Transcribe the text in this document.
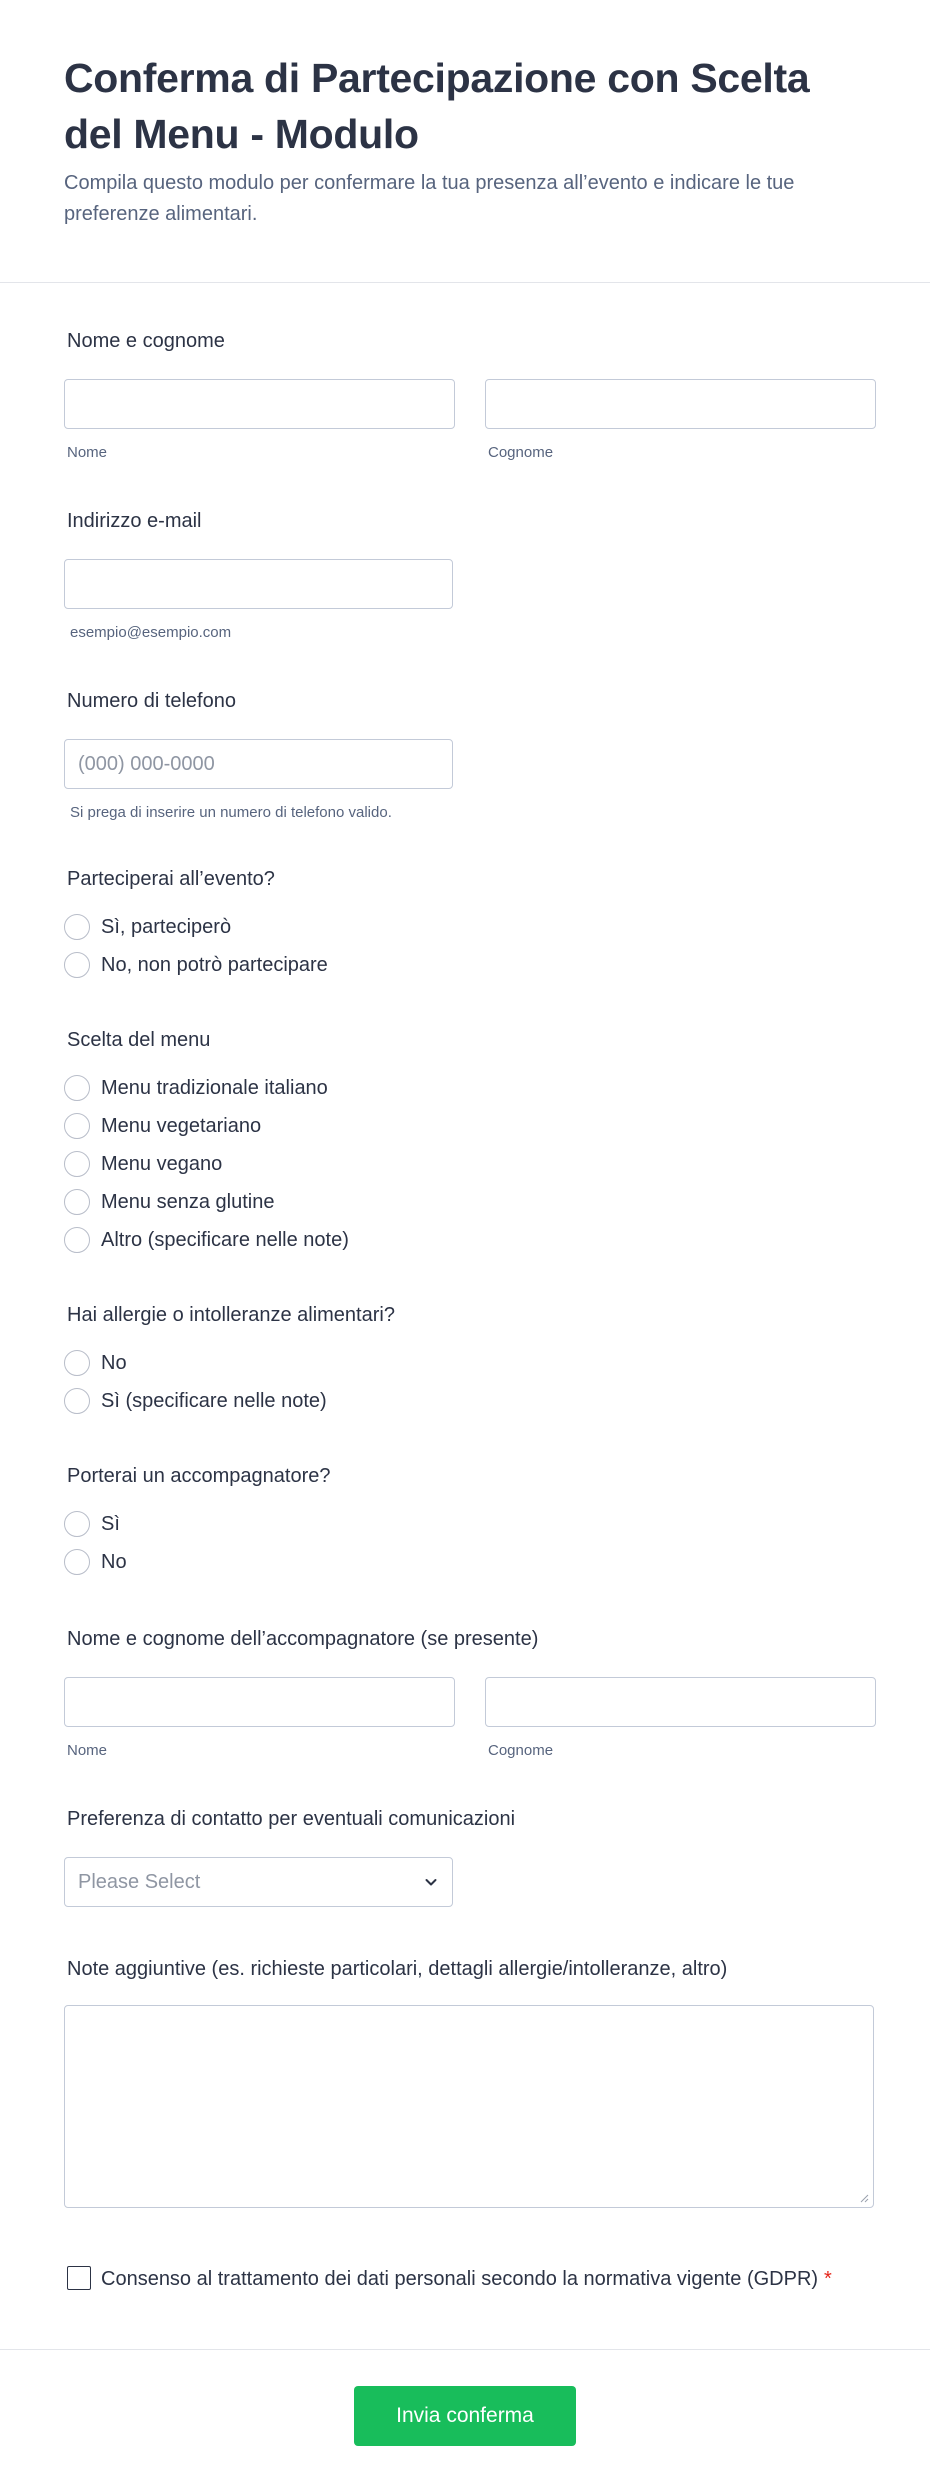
Conferma di Partecipazione con Scelta del Menu - Modulo

Compila questo modulo per confermare la tua presenza all’evento e indicare le tue preferenze alimentari.

Nome e cognome
Nome	Cognome
Indirizzo e-mail
esempio@esempio.com
Numero di telefono
(000) 000-0000
Si prega di inserire un numero di telefono valido.
Parteciperai all’evento?
Sì, parteciperò
No, non potrò partecipare
Scelta del menu
Menu tradizionale italiano
Menu vegetariano
Menu vegano
Menu senza glutine
Altro (specificare nelle note)
Hai allergie o intolleranze alimentari?
No
Sì (specificare nelle note)
Porterai un accompagnatore?
Sì
No
Nome e cognome dell’accompagnatore (se presente)
Nome	Cognome
Preferenza di contatto per eventuali comunicazioni
Please Select
Note aggiuntive (es. richieste particolari, dettagli allergie/intolleranze, altro)
Consenso al trattamento dei dati personali secondo la normativa vigente (GDPR) *
Invia conferma
